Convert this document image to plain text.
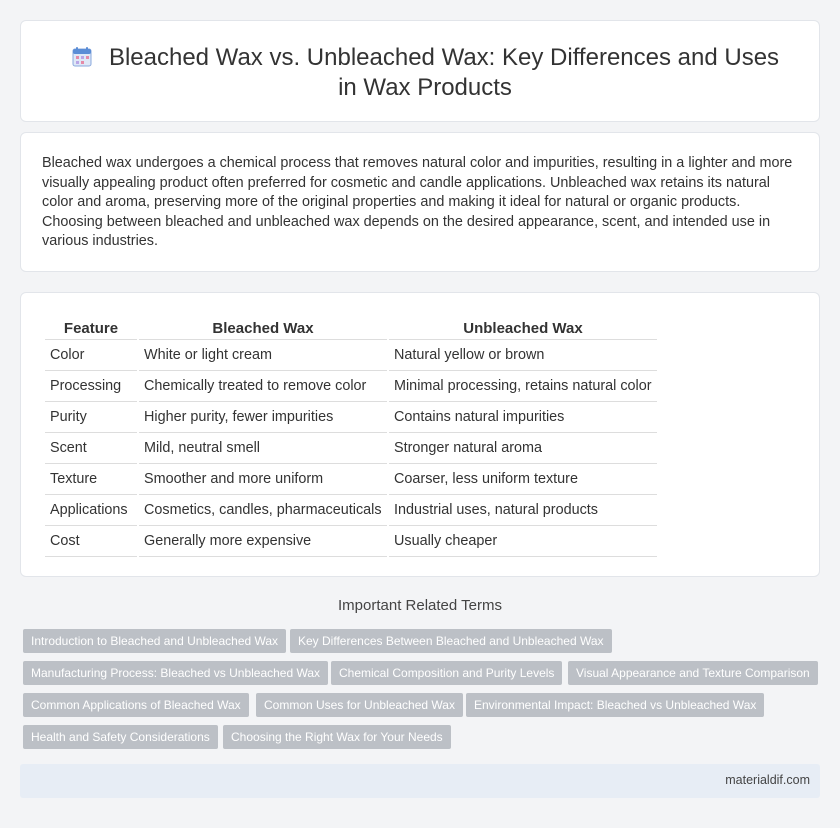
Bleached Wax vs. Unbleached Wax: Key Differences and Uses in Wax Products

Bleached wax undergoes a chemical process that removes natural color and impurities, resulting in a lighter and more visually appealing product often preferred for cosmetic and candle applications. Unbleached wax retains its natural color and aroma, preserving more of the original properties and making it ideal for natural or organic products. Choosing between bleached and unbleached wax depends on the desired appearance, scent, and intended use in various industries.

Feature	Bleached Wax	Unbleached Wax
Color	White or light cream	Natural yellow or brown
Processing	Chemically treated to remove color	Minimal processing, retains natural color
Purity	Higher purity, fewer impurities	Contains natural impurities
Scent	Mild, neutral smell	Stronger natural aroma
Texture	Smoother and more uniform	Coarser, less uniform texture
Applications	Cosmetics, candles, pharmaceuticals	Industrial uses, natural products
Cost	Generally more expensive	Usually cheaper
Important Related Terms
Introduction to Bleached and Unbleached Wax	Key Differences Between Bleached and Unbleached Wax
Manufacturing Process: Bleached vs Unbleached Wax	Chemical Composition and Purity Levels	Visual Appearance and Texture Comparison
Common Applications of Bleached Wax	Common Uses for Unbleached Wax	Environmental Impact: Bleached vs Unbleached Wax
Health and Safety Considerations	Choosing the Right Wax for Your Needs
materialdif.com
